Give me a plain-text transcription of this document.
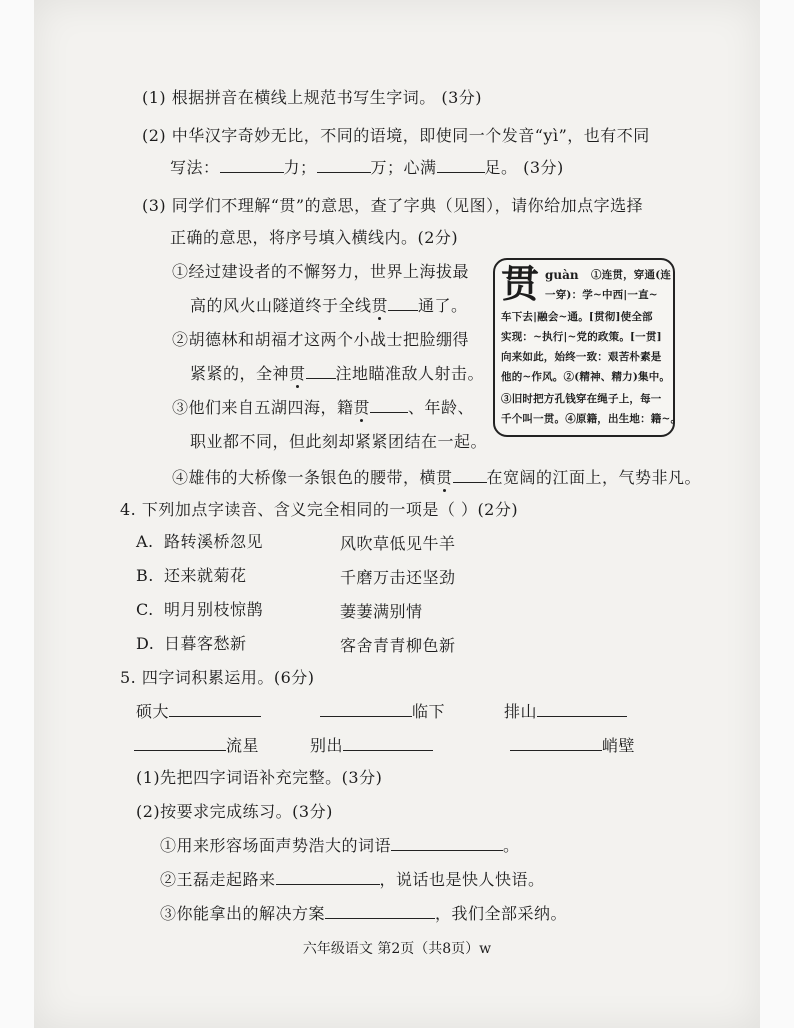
(1) 根据拼音在横线上规范书写生字词。 (3分)
(2) 中华汉字奇妙无比，不同的语境，即使同一个发音“yì”，也有不同
写法：	力；	万；心满	足。 (3分)
(3) 同学们不理解“贯”的意思，查了字典（见图），请你给加点字选择
正确的意思，将序号填入横线内。(2分)
①经过建设者的不懈努力，世界上海拔最
高的风火山隧道终于全线贯 通了。
②胡德林和胡福才这两个小战士把脸绷得
紧紧的，全神贯 注地瞄准敌人射击。
③他们来自五湖四海，籍贯 、年龄、
职业都不同，但此刻却紧紧团结在一起。
④雄伟的大桥像一条银色的腰带，横贯 在宽阔的江面上，气势非凡。
贯 guàn ①连贯，穿通(连
一穿)：学~中西|一直~
车下去|融会~通。[贯彻]使全部
实现：~执行|~党的政策。[一贯]
向来如此，始终一致：艰苦朴素是
他的~作风。②(精神、精力)集中。
③旧时把方孔钱穿在绳子上，每一
千个叫一贯。④原籍，出生地：籍~。
4. 下列加点字读音、含义完全相同的一项是（ ）(2分)
A. 路转溪桥忽见	风吹草低见牛羊
B. 还来就菊花	千磨万击还坚劲
C. 明月别枝惊鹊	萋萋满别情
D. 日暮客愁新	客舍青青柳色新
5. 四字词积累运用。(6分)
硕大	临下	排山
流星	别出	峭壁
(1)先把四字词语补充完整。(3分)
(2)按要求完成练习。(3分)
①用来形容场面声势浩大的词语	。
②王磊走起路来	，说话也是快人快语。
③你能拿出的解决方案	，我们全部采纳。
六年级语文 第2页（共8页）w
